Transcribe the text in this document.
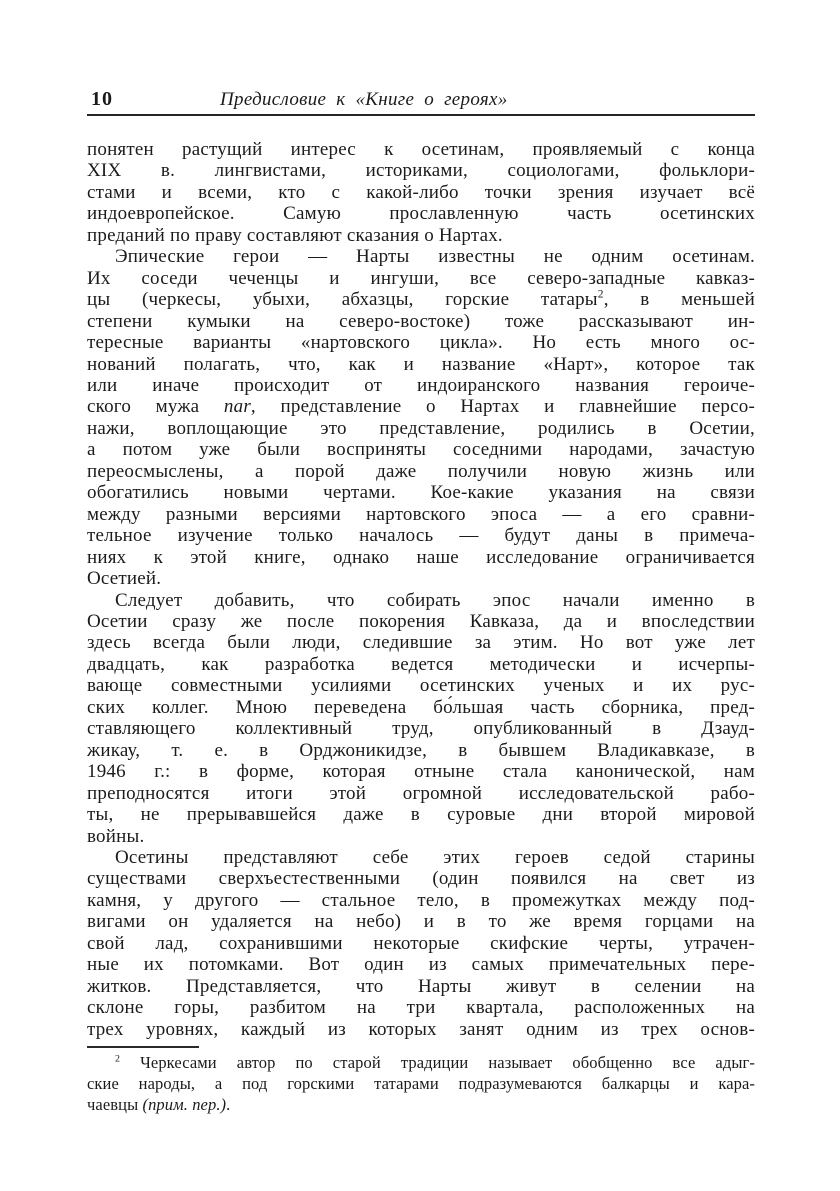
10	Предисловие к «Книге о героях»
понятен растущий интерес к осетинам, проявляемый с конца
XIX в. лингвистами, историками, социологами, фольклори-
стами и всеми, кто с какой-либо точки зрения изучает всё
индоевропейское. Самую прославленную часть осетинских
преданий по праву составляют сказания о Нартах.
Эпические герои — Нарты известны не одним осетинам.
Их соседи чеченцы и ингуши, все северо-западные кавказ-
цы (черкесы, убыхи, абхазцы, горские татары$^2$, в меньшей
степени кумыки на северо-востоке) тоже рассказывают ин-
тересные варианты «нартовского цикла». Но есть много ос-
нований полагать, что, как и название «Нарт», которое так
или иначе происходит от индоиранского названия героиче-
ского мужа nar, представление о Нартах и главнейшие персо-
нажи, воплощающие это представление, родились в Осетии,
а потом уже были восприняты соседними народами, зачастую
переосмыслены, а порой даже получили новую жизнь или
обогатились новыми чертами. Кое-какие указания на связи
между разными версиями нартовского эпоса — а его сравни-
тельное изучение только началось — будут даны в примеча-
ниях к этой книге, однако наше исследование ограничивается
Осетией.
Следует добавить, что собирать эпос начали именно в
Осетии сразу же после покорения Кавказа, да и впоследствии
здесь всегда были люди, следившие за этим. Но вот уже лет
двадцать, как разработка ведется методически и исчерпы-
вающе совместными усилиями осетинских ученых и их рус-
ских коллег. Мною переведена бо́льшая часть сборника, пред-
ставляющего коллективный труд, опубликованный в Дзауд-
жикау, т. е. в Орджоникидзе, в бывшем Владикавказе, в
1946 г.: в форме, которая отныне стала канонической, нам
преподносятся итоги этой огромной исследовательской рабо-
ты, не прерывавшейся даже в суровые дни второй мировой
войны.
Осетины представляют себе этих героев седой старины
существами сверхъестественными (один появился на свет из
камня, у другого — стальное тело, в промежутках между под-
вигами он удаляется на небо) и в то же время горцами на
свой лад, сохранившими некоторые скифские черты, утрачен-
ные их потомками. Вот один из самых примечательных пере-
житков. Представляется, что Нарты живут в селении на
склоне горы, разбитом на три квартала, расположенных на
трех уровнях, каждый из которых занят одним из трех основ-
$^2$ Черкесами автор по старой традиции называет обобщенно все адыг-
ские народы, а под горскими татарами подразумеваются балкарцы и кара-
чаевцы (прим. пер.).
